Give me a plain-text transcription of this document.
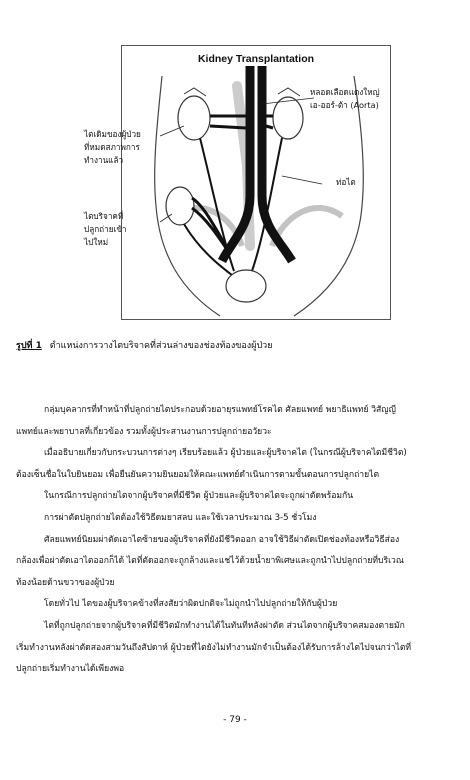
Kidney Transplantation
หลอดเลือดแดงใหญ่
เอ-ออร์-ต้า (Aorta)
ท่อไต
ไตเดิมของผู้ป่วย
ที่หมดสภาพการ
ทำงานแล้ว
ไตบริจาคที่
ปลูกถ่ายเข้า
ไปใหม่
รูปที่ 1 ตำแหน่งการวางไตบริจาคที่ส่วนล่างของช่องท้องของผู้ป่วย

กลุ่มบุคลากรที่ทำหน้าที่ปลูกถ่ายไตประกอบด้วยอายุรแพทย์โรคไต ศัลยแพทย์ พยาธิแพทย์ วิสัญญี

แพทย์และพยาบาลที่เกี่ยวข้อง รวมทั้งผู้ประสานงานการปลูกถ่ายอวัยวะ

เมื่ออธิบายเกี่ยวกับกระบวนการต่างๆ เรียบร้อยแล้ว ผู้ป่วยและผู้บริจาคไต (ในกรณีผู้บริจาคไตมีชีวิต)

ต้องเซ็นชื่อในใบยินยอม เพื่อยืนยันความยินยอมให้คณะแพทย์ดำเนินการตามขั้นตอนการปลูกถ่ายไต

ในกรณีการปลูกถ่ายไตจากผู้บริจาคที่มีชีวิต ผู้ป่วยและผู้บริจาคไตจะถูกผ่าตัดพร้อมกัน

การผ่าตัดปลูกถ่ายไตต้องใช้วิธีดมยาสลบ และใช้เวลาประมาณ 3-5 ชั่วโมง

ศัลยแพทย์นิยมผ่าตัดเอาไตซ้ายของผู้บริจาคที่ยังมีชีวิตออก อาจใช้วิธีผ่าตัดเปิดช่องท้องหรือวิธีส่อง

กล้องเพื่อผ่าตัดเอาไตออกก็ได้ ไตที่ตัดออกจะถูกล้างและแช่ไว้ด้วยน้ำยาพิเศษและถูกนำไปปลูกถ่ายที่บริเวณ

ท้องน้อยด้านขวาของผู้ป่วย

โดยทั่วไป ไตของผู้บริจาคข้างที่สงสัยว่าผิดปกติจะไม่ถูกนำไปปลูกถ่ายให้กับผู้ป่วย

ไตที่ถูกปลูกถ่ายจากผู้บริจาคที่มีชีวิตมักทำงานได้ในทันทีหลังผ่าตัด ส่วนไตจากผู้บริจาคสมองตายมัก

เริ่มทำงานหลังผ่าตัดสองสามวันถึงสัปดาห์ ผู้ป่วยที่ไตยังไม่ทำงานมักจำเป็นต้องได้รับการล้างไตไปจนกว่าไตที่

ปลูกถ่ายเริ่มทำงานได้เพียงพอ

- 79 -
